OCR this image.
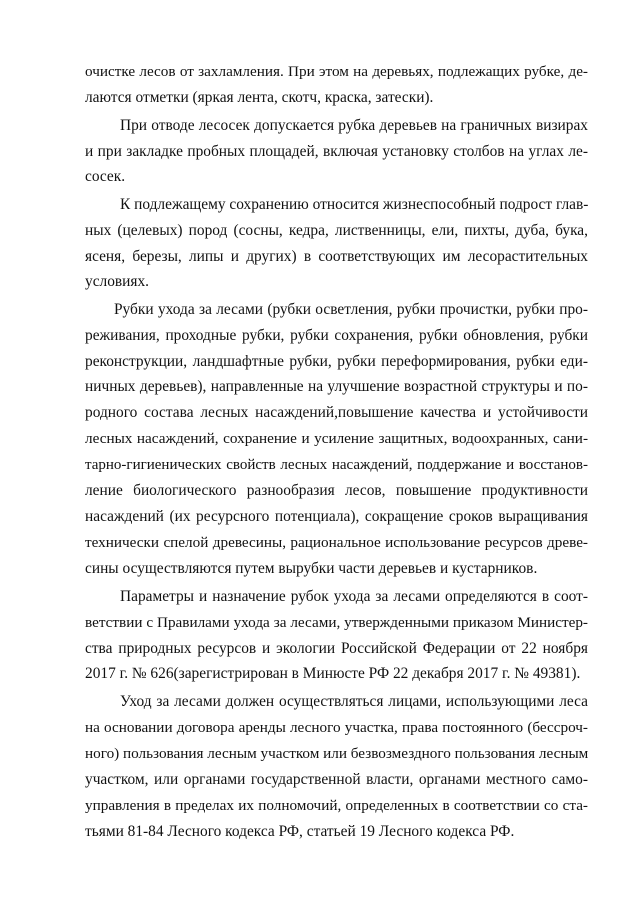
очистке лесов от захламления. При этом на деревьях, подлежащих рубке, де-
лаются отметки (яркая лента, скотч, краска, затески).
При отводе лесосек допускается рубка деревьев на граничных визирах
и при закладке пробных площадей, включая установку столбов на углах ле-
сосек.
К подлежащему сохранению относится жизнеспособный подрост глав-
ных (целевых) пород (сосны, кедра, лиственницы, ели, пихты, дуба, бука,
ясеня, березы, липы и других) в соответствующих им лесорастительных
условиях.
Рубки ухода за лесами (рубки осветления, рубки прочистки, рубки про-
реживания, проходные рубки, рубки сохранения, рубки обновления, рубки
реконструкции, ландшафтные рубки, рубки переформирования, рубки еди-
ничных деревьев), направленные на улучшение возрастной структуры и по-
родного состава лесных насаждений,повышение качества и устойчивости
лесных насаждений, сохранение и усиление защитных, водоохранных, сани-
тарно-гигиенических свойств лесных насаждений, поддержание и восстанов-
ление биологического разнообразия лесов, повышение продуктивности
насаждений (их ресурсного потенциала), сокращение сроков выращивания
технически спелой древесины, рациональное использование ресурсов древе-
сины осуществляются путем вырубки части деревьев и кустарников.
Параметры и назначение рубок ухода за лесами определяются в соот-
ветствии с Правилами ухода за лесами, утвержденными приказом Министер-
ства природных ресурсов и экологии Российской Федерации от 22 ноября
2017 г. № 626(зарегистрирован в Минюсте РФ 22 декабря 2017 г. № 49381).
Уход за лесами должен осуществляться лицами, использующими леса
на основании договора аренды лесного участка, права постоянного (бессроч-
ного) пользования лесным участком или безвозмездного пользования лесным
участком, или органами государственной власти, органами местного само-
управления в пределах их полномочий, определенных в соответствии со ста-
тьями 81-84 Лесного кодекса РФ, статьей 19 Лесного кодекса РФ.
